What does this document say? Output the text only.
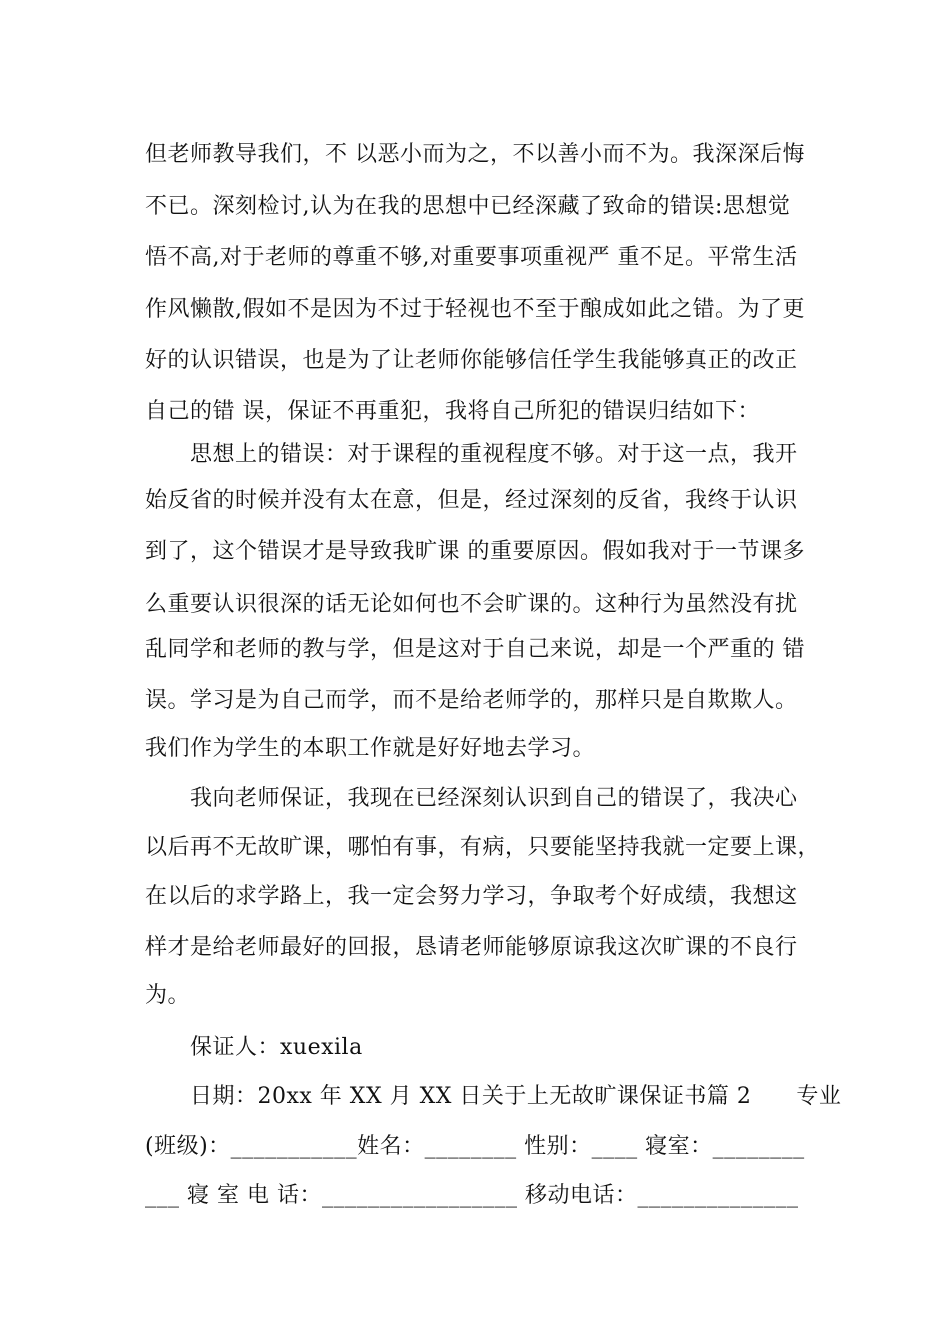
但老师教导我们，不 以恶小而为之，不以善小而不为。我深深后悔
不已。深刻检讨,认为在我的思想中已经深藏了致命的错误:思想觉
悟不高,对于老师的尊重不够,对重要事项重视严 重不足。平常生活
作风懒散,假如不是因为不过于轻视也不至于酿成如此之错。为了更
好的认识错误，也是为了让老师你能够信任学生我能够真正的改正
自己的错 误，保证不再重犯，我将自己所犯的错误归结如下：
思想上的错误：对于课程的重视程度不够。对于这一点，我开
始反省的时候并没有太在意，但是，经过深刻的反省，我终于认识
到了，这个错误才是导致我旷课 的重要原因。假如我对于一节课多
么重要认识很深的话无论如何也不会旷课的。这种行为虽然没有扰
乱同学和老师的教与学，但是这对于自己来说，却是一个严重的 错
误。学习是为自己而学，而不是给老师学的，那样只是自欺欺人。
我们作为学生的本职工作就是好好地去学习。
我向老师保证，我现在已经深刻认识到自己的错误了，我决心
以后再不无故旷课，哪怕有事，有病，只要能坚持我就一定要上课，
在以后的求学路上，我一定会努力学习，争取考个好成绩，我想这
样才是给老师最好的回报，恳请老师能够原谅我这次旷课的不良行
为。
保证人：xuexila
日期：20xx 年 XX 月 XX 日关于上无故旷课保证书篇 2　　专业
(班级)：___________姓名：________ 性别：____ 寝室：________
___ 寝 室 电 话：_________________ 移动电话：______________
